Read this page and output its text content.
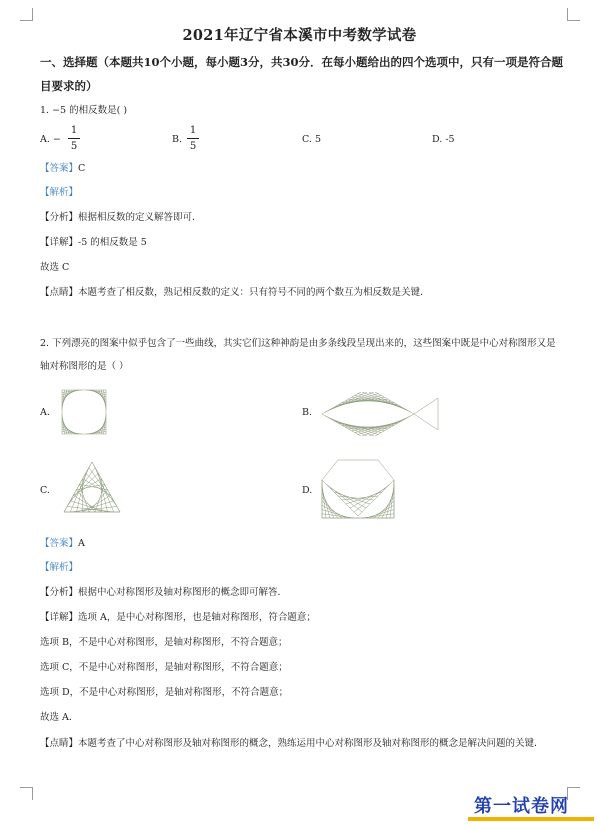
2021年辽宁省本溪市中考数学试卷
一、选择题（本题共10个小题，每小题3分，共30分．在每小题给出的四个选项中，只有一项是符合题目要求的）
1. −5 的相反数是( )
A. −
1
5
B.
1
5
C. 5	D. -5
【答案】C
【解析】
【分析】根据相反数的定义解答即可．
【详解】-5 的相反数是 5
故选 C
【点睛】本题考查了相反数，熟记相反数的定义：只有符号不同的两个数互为相反数是关键．
2. 下列漂亮的图案中似乎包含了一些曲线，其实它们这种神韵是由多条线段呈现出来的，这些图案中既是中心对称图形又是轴对称图形的是（ ）
A.	B.
C.	D.
【答案】A
【解析】
【分析】根据中心对称图形及轴对称图形的概念即可解答．
【详解】选项 A，是中心对称图形，也是轴对称图形，符合题意；
选项 B，不是中心对称图形，是轴对称图形，不符合题意；
选项 C，不是中心对称图形，是轴对称图形，不符合题意；
选项 D，不是中心对称图形，是轴对称图形，不符合题意；
故选 A．
【点睛】本题考查了中心对称图形及轴对称图形的概念，熟练运用中心对称图形及轴对称图形的概念是解决问题的关键．
第一试卷网
